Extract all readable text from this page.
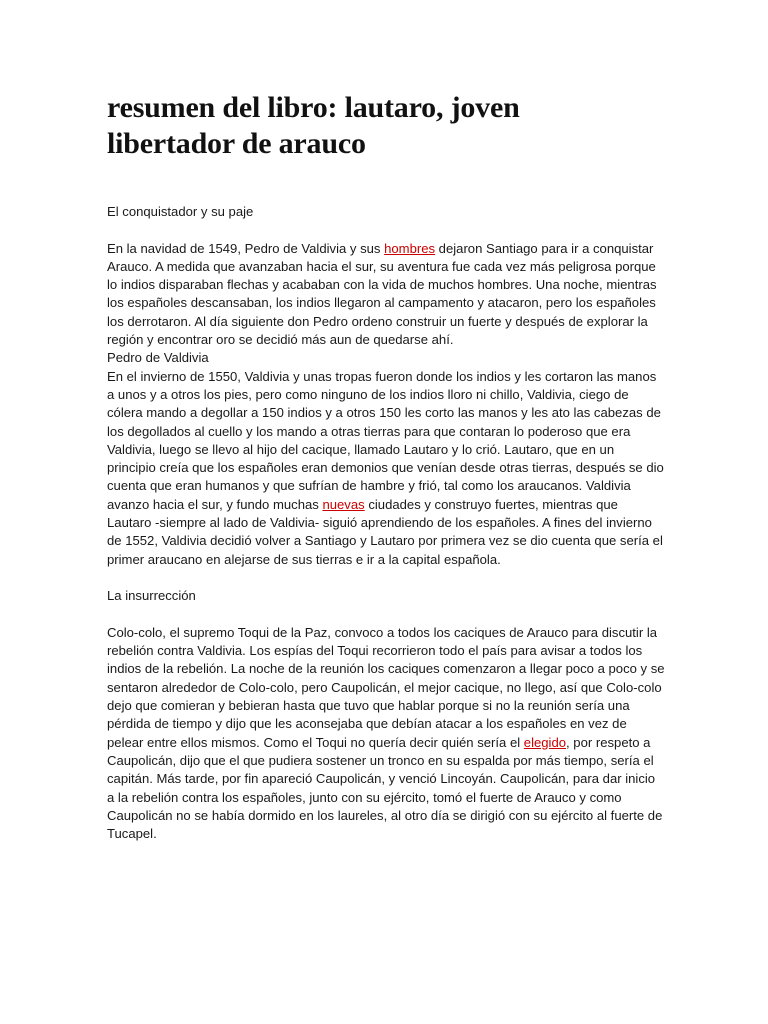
resumen del libro: lautaro, joven
libertador de arauco

El conquistador y su paje

En la navidad de 1549, Pedro de Valdivia y sus hombres dejaron Santiago para ir a conquistar Arauco. A medida que avanzaban hacia el sur, su aventura fue cada vez más peligrosa porque lo indios disparaban flechas y acababan con la vida de muchos hombres. Una noche, mientras los españoles descansaban, los indios llegaron al campamento y atacaron, pero los españoles los derrotaron. Al día siguiente don Pedro ordeno construir un fuerte y después de explorar la región y encontrar oro se decidió más aun de quedarse ahí.

Pedro de Valdivia

En el invierno de 1550, Valdivia y unas tropas fueron donde los indios y les cortaron las manos a unos y a otros los pies, pero como ninguno de los indios lloro ni chillo, Valdivia, ciego de cólera mando a degollar a 150 indios y a otros 150 les corto las manos y les ato las cabezas de los degollados al cuello y los mando a otras tierras para que contaran lo poderoso que era Valdivia, luego se llevo al hijo del cacique, llamado Lautaro y lo crió. Lautaro, que en un principio creía que los españoles eran demonios que venían desde otras tierras, después se dio cuenta que eran humanos y que sufrían de hambre y frió, tal como los araucanos. Valdivia avanzo hacia el sur, y fundo muchas nuevas ciudades y construyo fuertes, mientras que Lautaro -siempre al lado de Valdivia- siguió aprendiendo de los españoles. A fines del invierno de 1552, Valdivia decidió volver a Santiago y Lautaro por primera vez se dio cuenta que sería el primer araucano en alejarse de sus tierras e ir a la capital española.

La insurrección

Colo-colo, el supremo Toqui de la Paz, convoco a todos los caciques de Arauco para discutir la rebelión contra Valdivia. Los espías del Toqui recorrieron todo el país para avisar a todos los indios de la rebelión. La noche de la reunión los caciques comenzaron a llegar poco a poco y se sentaron alrededor de Colo-colo, pero Caupolicán, el mejor cacique, no llego, así que Colo-colo dejo que comieran y bebieran hasta que tuvo que hablar porque si no la reunión sería una pérdida de tiempo y dijo que les aconsejaba que debían atacar a los españoles en vez de pelear entre ellos mismos. Como el Toqui no quería decir quién sería el elegido, por respeto a Caupolicán, dijo que el que pudiera sostener un tronco en su espalda por más tiempo, sería el capitán. Más tarde, por fin apareció Caupolicán, y venció Lincoyán. Caupolicán, para dar inicio a la rebelión contra los españoles, junto con su ejército, tomó el fuerte de Arauco y como Caupolicán no se había dormido en los laureles, al otro día se dirigió con su ejército al fuerte de Tucapel.
